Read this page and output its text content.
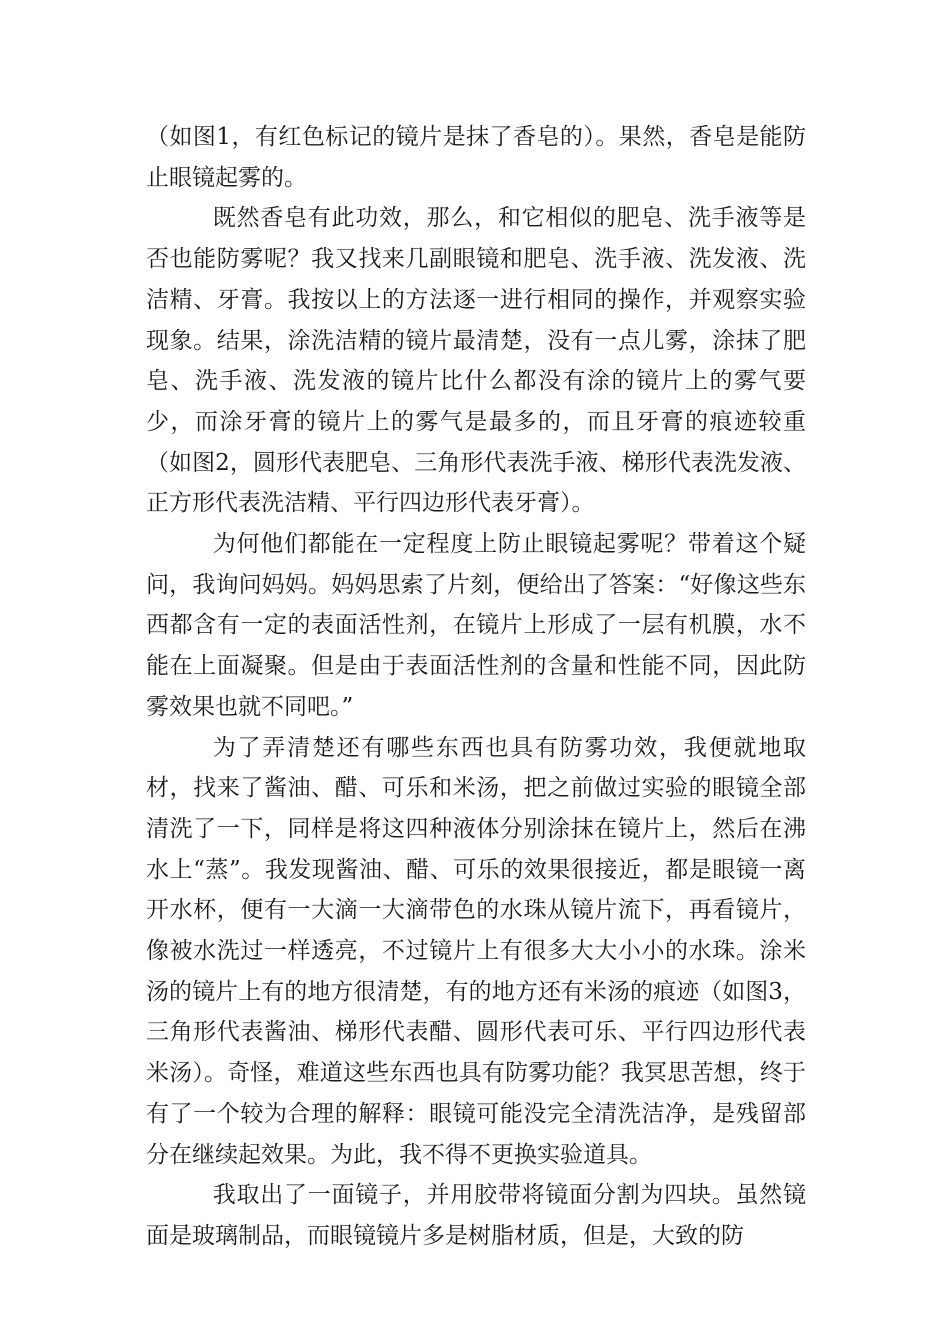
（如图1，有红色标记的镜片是抹了香皂的）。果然，香皂是能防止眼镜起雾的。

既然香皂有此功效，那么，和它相似的肥皂、洗手液等是否也能防雾呢？我又找来几副眼镜和肥皂、洗手液、洗发液、洗洁精、牙膏。我按以上的方法逐一进行相同的操作，并观察实验现象。结果，涂洗洁精的镜片最清楚，没有一点儿雾，涂抹了肥皂、洗手液、洗发液的镜片比什么都没有涂的镜片上的雾气要少，而涂牙膏的镜片上的雾气是最多的，而且牙膏的痕迹较重（如图2，圆形代表肥皂、三角形代表洗手液、梯形代表洗发液、正方形代表洗洁精、平行四边形代表牙膏）。

为何他们都能在一定程度上防止眼镜起雾呢？带着这个疑问，我询问妈妈。妈妈思索了片刻，便给出了答案：“好像这些东西都含有一定的表面活性剂，在镜片上形成了一层有机膜，水不能在上面凝聚。但是由于表面活性剂的含量和性能不同，因此防雾效果也就不同吧。”

为了弄清楚还有哪些东西也具有防雾功效，我便就地取材，找来了酱油、醋、可乐和米汤，把之前做过实验的眼镜全部清洗了一下，同样是将这四种液体分别涂抹在镜片上，然后在沸水上“蒸”。我发现酱油、醋、可乐的效果很接近，都是眼镜一离开水杯，便有一大滴一大滴带色的水珠从镜片流下，再看镜片，像被水洗过一样透亮，不过镜片上有很多大大小小的水珠。涂米汤的镜片上有的地方很清楚，有的地方还有米汤的痕迹（如图3，三角形代表酱油、梯形代表醋、圆形代表可乐、平行四边形代表米汤）。奇怪，难道这些东西也具有防雾功能？我冥思苦想，终于有了一个较为合理的解释：眼镜可能没完全清洗洁净，是残留部分在继续起效果。为此，我不得不更换实验道具。

我取出了一面镜子，并用胶带将镜面分割为四块。虽然镜面是玻璃制品，而眼镜镜片多是树脂材质，但是，大致的防
